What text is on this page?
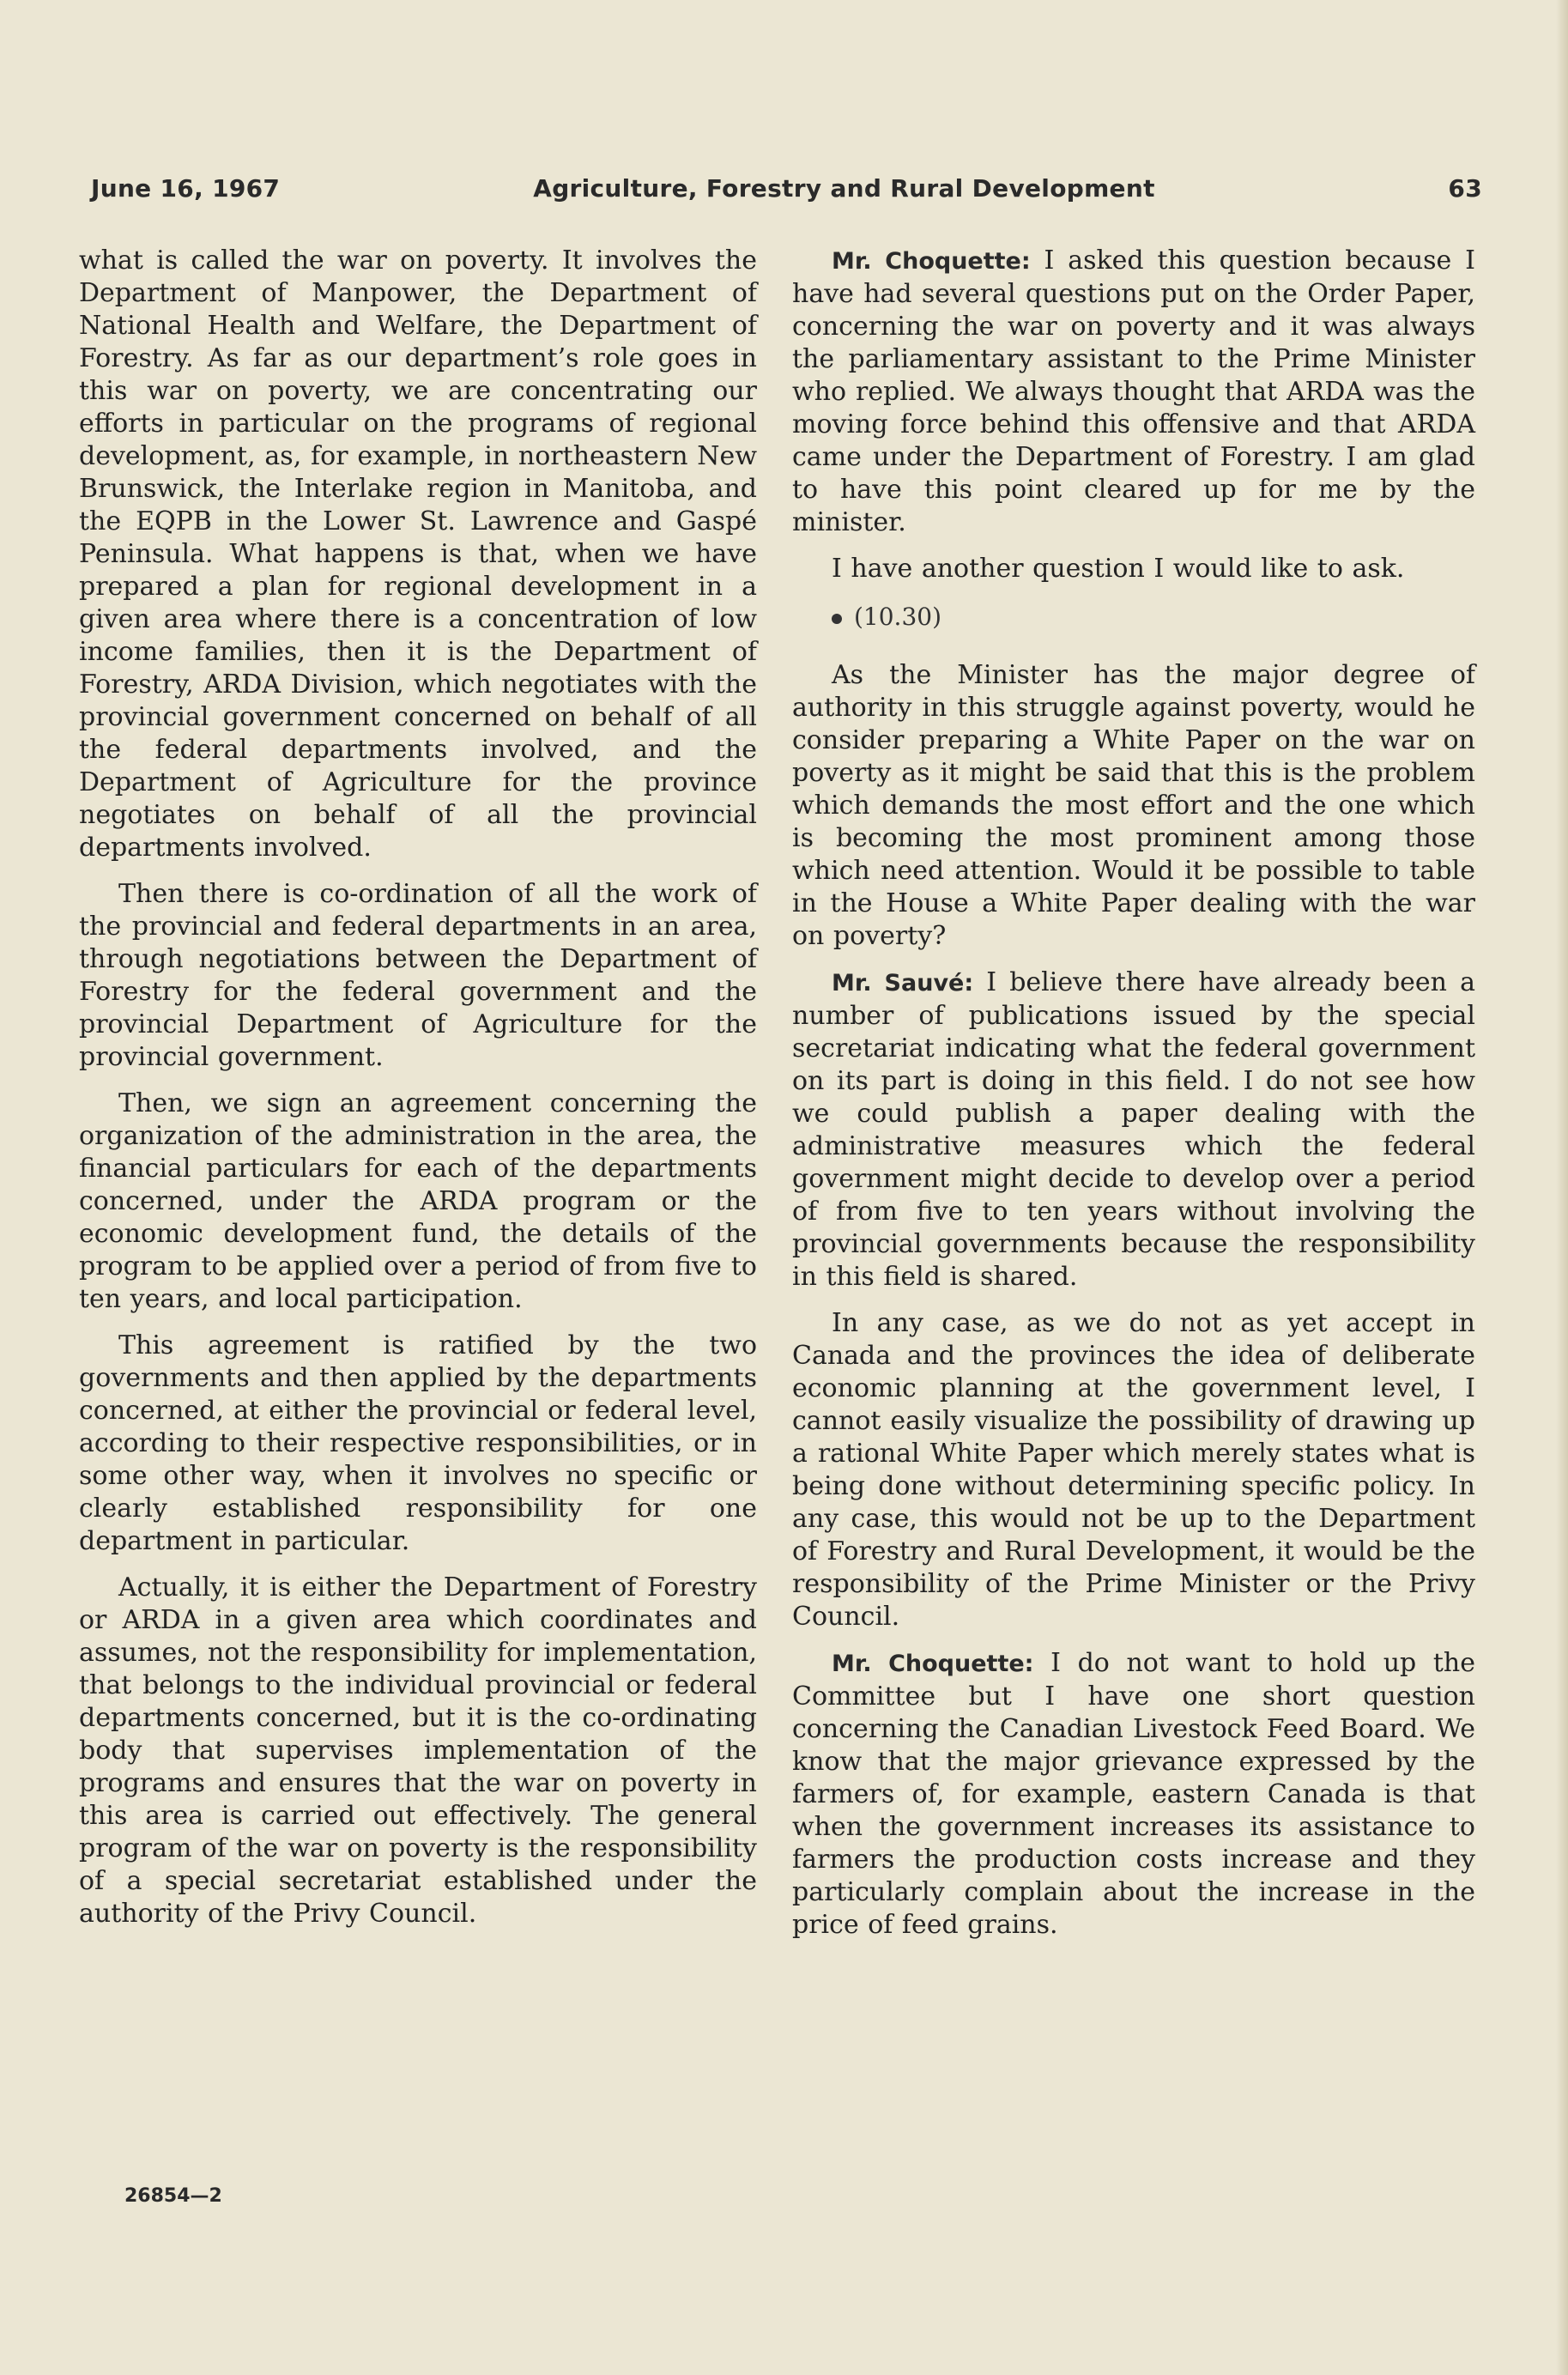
June 16, 1967	Agriculture, Forestry and Rural Development	63

what is called the war on poverty. It involves the Department of Manpower, the Department of National Health and Welfare, the Department of Forestry. As far as our department’s role goes in this war on poverty, we are concentrating our efforts in particular on the programs of regional development, as, for example, in northeastern New Brunswick, the Interlake region in Manitoba, and the EQPB in the Lower St. Lawrence and Gaspé Peninsula. What happens is that, when we have prepared a plan for regional development in a given area where there is a concentration of low income families, then it is the Department of Forestry, ARDA Division, which negotiates with the provincial government concerned on behalf of all the federal departments involved, and the Department of Agriculture for the province negotiates on behalf of all the provincial departments involved.

Then there is co-ordination of all the work of the provincial and federal departments in an area, through negotiations between the Department of Forestry for the federal government and the provincial Department of Agriculture for the provincial government.

Then, we sign an agreement concerning the organization of the administration in the area, the financial particulars for each of the departments concerned, under the ARDA program or the economic development fund, the details of the program to be applied over a period of from five to ten years, and local participation.

This agreement is ratified by the two governments and then applied by the departments concerned, at either the provincial or federal level, according to their respective responsibilities, or in some other way, when it involves no specific or clearly established responsibility for one department in particular.

Actually, it is either the Department of Forestry or ARDA in a given area which coordinates and assumes, not the responsibility for implementation, that belongs to the individual provincial or federal departments concerned, but it is the co-ordinating body that supervises implementation of the programs and ensures that the war on poverty in this area is carried out effectively. The general program of the war on poverty is the responsibility of a special secretariat established under the authority of the Privy Council.

Mr. Choquette: I asked this question because I have had several questions put on the Order Paper, concerning the war on poverty and it was always the parliamentary assistant to the Prime Minister who replied. We always thought that ARDA was the moving force behind this offensive and that ARDA came under the Department of Forestry. I am glad to have this point cleared up for me by the minister.

I have another question I would like to ask.

(10.30)

As the Minister has the major degree of authority in this struggle against poverty, would he consider preparing a White Paper on the war on poverty as it might be said that this is the problem which demands the most effort and the one which is becoming the most prominent among those which need attention. Would it be possible to table in the House a White Paper dealing with the war on poverty?

Mr. Sauvé: I believe there have already been a number of publications issued by the special secretariat indicating what the federal government on its part is doing in this field. I do not see how we could publish a paper dealing with the administrative measures which the federal government might decide to develop over a period of from five to ten years without involving the provincial governments because the responsibility in this field is shared.

In any case, as we do not as yet accept in Canada and the provinces the idea of deliberate economic planning at the government level, I cannot easily visualize the possibility of drawing up a rational White Paper which merely states what is being done without determining specific policy. In any case, this would not be up to the Department of Forestry and Rural Development, it would be the responsibility of the Prime Minister or the Privy Council.

Mr. Choquette: I do not want to hold up the Committee but I have one short question concerning the Canadian Livestock Feed Board. We know that the major grievance expressed by the farmers of, for example, eastern Canada is that when the government increases its assistance to farmers the production costs increase and they particularly complain about the increase in the price of feed grains.

26854—2
